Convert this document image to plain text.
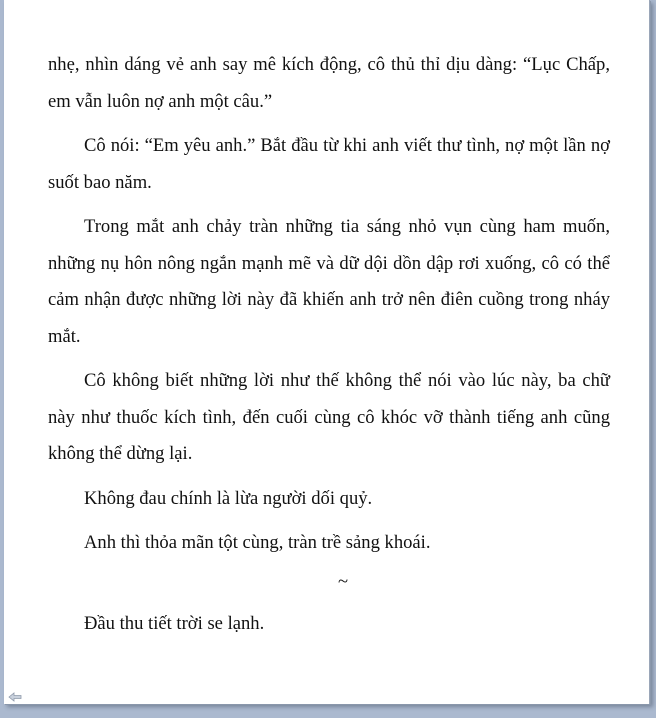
nhẹ, nhìn dáng vẻ anh say mê kích động, cô thủ thỉ dịu dàng: “Lục Chấp, em vẫn luôn nợ anh một câu.”

Cô nói: “Em yêu anh.” Bắt đầu từ khi anh viết thư tình, nợ một lần nợ suốt bao năm.

Trong mắt anh chảy tràn những tia sáng nhỏ vụn cùng ham muốn, những nụ hôn nông ngắn mạnh mẽ và dữ dội dồn dập rơi xuống, cô có thể cảm nhận được những lời này đã khiến anh trở nên điên cuồng trong nháy mắt.

Cô không biết những lời như thế không thể nói vào lúc này, ba chữ này như thuốc kích tình, đến cuối cùng cô khóc vỡ thành tiếng anh cũng không thể dừng lại.

Không đau chính là lừa người dối quỷ.

Anh thì thỏa mãn tột cùng, tràn trề sảng khoái.

~

Đầu thu tiết trời se lạnh.
